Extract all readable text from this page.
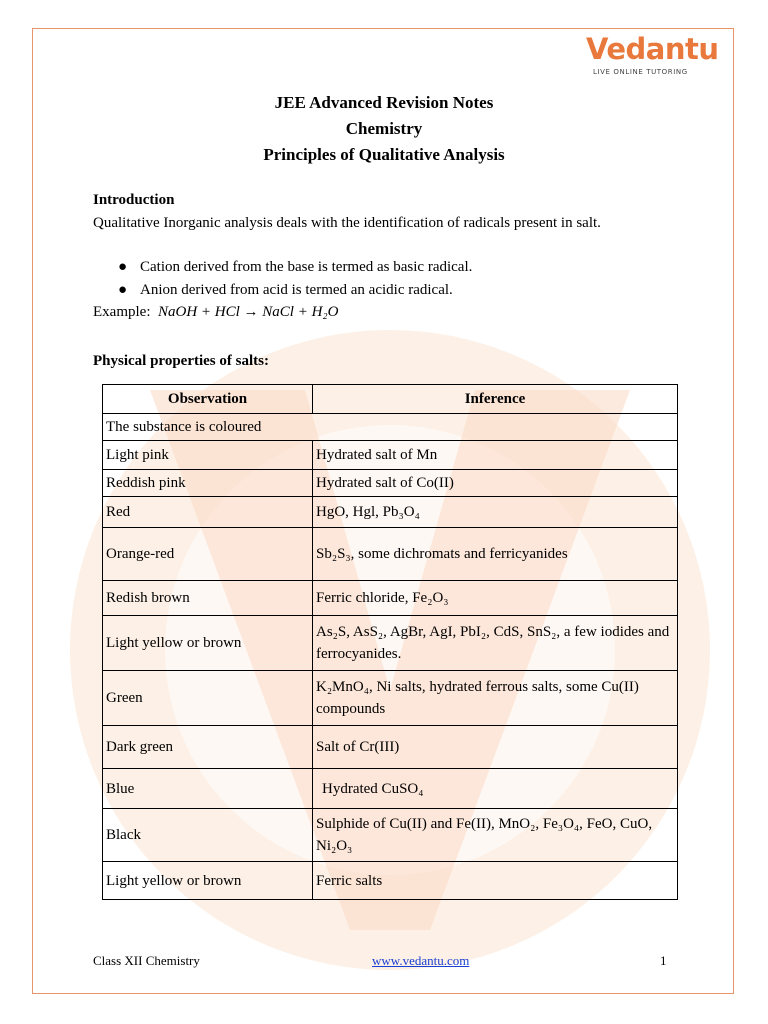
Vedantu
LIVE ONLINE TUTORING
JEE Advanced Revision Notes
Chemistry
Principles of Qualitative Analysis
Introduction
Qualitative Inorganic analysis deals with the identification of radicals present in salt.
● Cation derived from the base is termed as basic radical.
● Anion derived from acid is termed an acidic radical.
Example: NaOH + HCl → NaCl + H₂O
Physical properties of salts:
Observation	Inference
The substance is coloured	
Light pink	Hydrated salt of Mn
Reddish pink	Hydrated salt of Co(II)
Red	HgO, Hgl, Pb₃O₄
Orange-red	Sb₂S₃, some dichromats and ferricyanides
Redish brown	Ferric chloride, Fe₂O₃
Light yellow or brown	As₂S, AsS₂, AgBr, AgI, PbI₂, CdS, SnS₂, a few iodides and ferrocyanides.
Green	K₂MnO₄, Ni salts, hydrated ferrous salts, some Cu(II) compounds
Dark green	Salt of Cr(III)
Blue	Hydrated CuSO₄
Black	Sulphide of Cu(II) and Fe(II), MnO₂, Fe₃O₄, FeO, CuO, Ni₂O₃
Light yellow or brown	Ferric salts
Class XII Chemistry	www.vedantu.com	1
